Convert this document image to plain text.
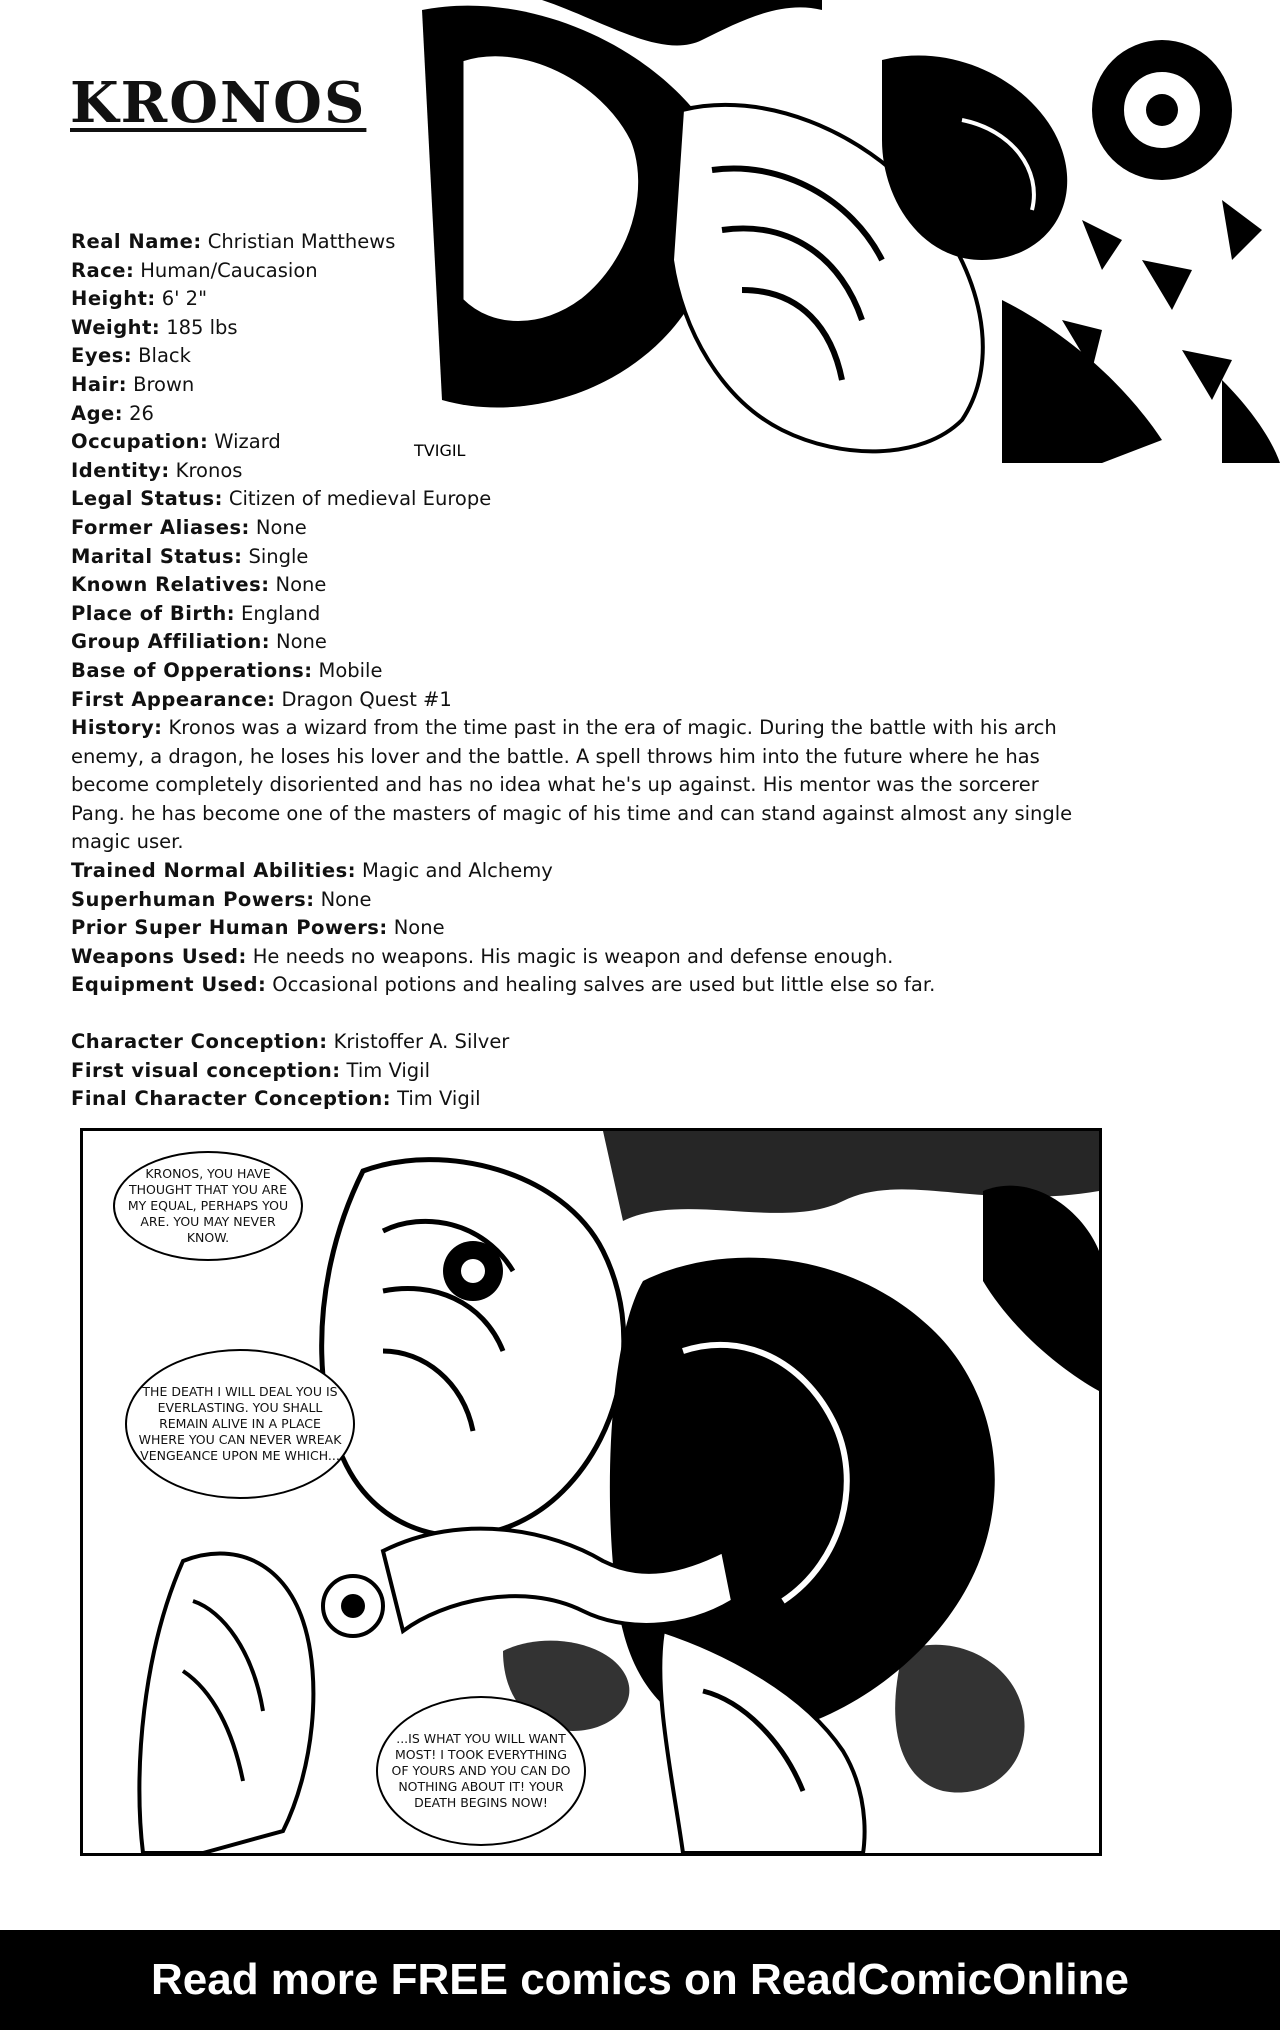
KRONOS
TVIGIL
Real Name: Christian Matthews
Race: Human/Caucasion
Height: 6' 2"
Weight: 185 lbs
Eyes: Black
Hair: Brown
Age: 26
Occupation: Wizard
Identity: Kronos
Legal Status: Citizen of medieval Europe
Former Aliases: None
Marital Status: Single
Known Relatives: None
Place of Birth: England
Group Affiliation: None
Base of Opperations: Mobile
First Appearance: Dragon Quest #1
History: Kronos was a wizard from the time past in the era of magic. During the battle with his arch enemy, a dragon, he loses his lover and the battle. A spell throws him into the future where he has become completely disoriented and has no idea what he's up against. His mentor was the sorcerer Pang. he has become one of the masters of magic of his time and can stand against almost any single magic user.
Trained Normal Abilities: Magic and Alchemy
Superhuman Powers: None
Prior Super Human Powers: None
Weapons Used: He needs no weapons. His magic is weapon and defense enough.
Equipment Used: Occasional potions and healing salves are used but little else so far.
Character Conception: Kristoffer A. Silver
First visual conception: Tim Vigil
Final Character Conception: Tim Vigil
KRONOS, YOU HAVE THOUGHT THAT YOU ARE MY EQUAL, PERHAPS YOU ARE. YOU MAY NEVER KNOW.
THE DEATH I WILL DEAL YOU IS EVERLASTING. YOU SHALL REMAIN ALIVE IN A PLACE WHERE YOU CAN NEVER WREAK VENGEANCE UPON ME WHICH...
...IS WHAT YOU WILL WANT MOST! I TOOK EVERYTHING OF YOURS AND YOU CAN DO NOTHING ABOUT IT! YOUR DEATH BEGINS NOW!
Read more FREE comics on ReadComicOnline
